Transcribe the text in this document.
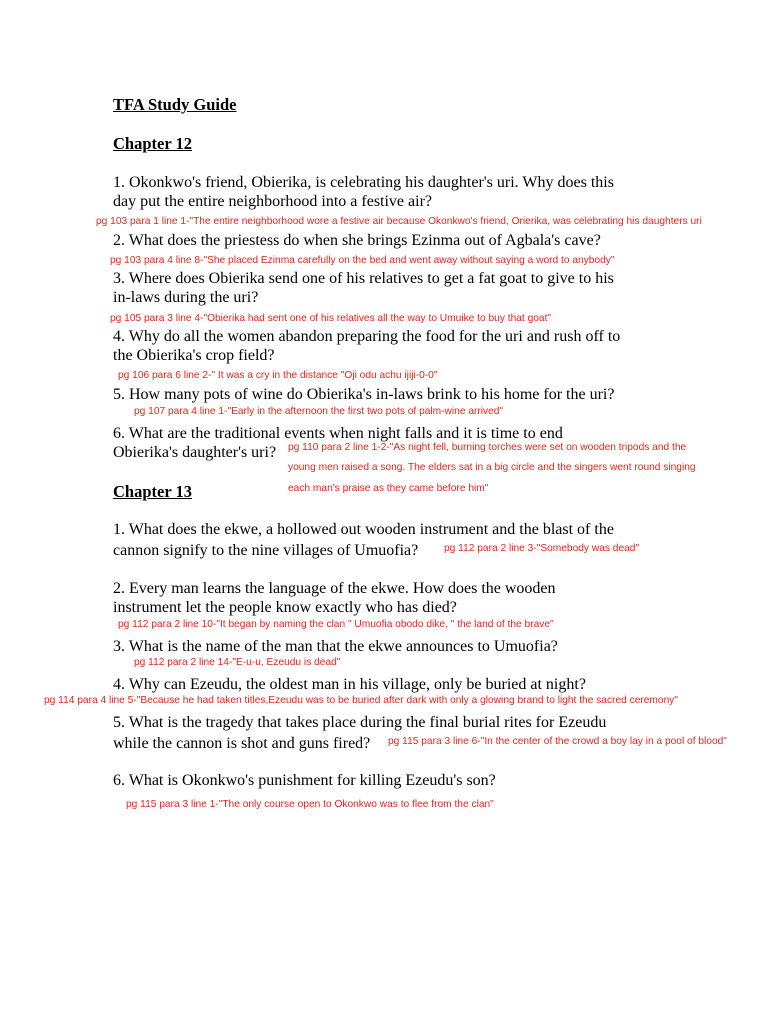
TFA Study Guide
Chapter 12
1. Okonkwo's friend, Obierika, is celebrating his daughter's uri. Why does this
day put the entire neighborhood into a festive air?
pg 103 para 1 line 1-"The entire neighborhood wore a festive air because Okonkwo's friend, Orierika, was celebrating his daughters uri
2. What does the priestess do when she brings Ezinma out of Agbala's cave?
pg 103 para 4 line 8-"She placed Ezinma carefully on the bed and went away without saying a word to anybody"
3. Where does Obierika send one of his relatives to get a fat goat to give to his
in-laws during the uri?
pg 105 para 3 line 4-"Obierika had sent one of his relatives all the way to Umuike to buy that goat"
4. Why do all the women abandon preparing the food for the uri and rush off to
the Obierika's crop field?
pg 106 para 6 line 2-" It was a cry in the distance "Oji odu achu ijiji-0-0"
5. How many pots of wine do Obierika's in-laws brink to his home for the uri?
pg 107 para 4 line 1-"Early in the afternoon the first two pots of palm-wine arrived"
6. What are the traditional events when night falls and it is time to end
Obierika's daughter's uri? pg 110 para 2 line 1-2-"As night fell, burning torches were set on wooden tripods and the
young men raised a song. The elders sat in a big circle and the singers went round singing
each man's praise as they came before him"
Chapter 13
1. What does the ekwe, a hollowed out wooden instrument and the blast of the
cannon signify to the nine villages of Umuofia?	pg 112 para 2 line 3-"Somebody was dead"
2. Every man learns the language of the ekwe. How does the wooden
instrument let the people know exactly who has died?
pg 112 para 2 line 10-"It began by naming the clan " Umuofia obodo dike, " the land of the brave"
3. What is the name of the man that the ekwe announces to Umuofia?
pg 112 para 2 line 14-"E-u-u, Ezeudu is dead"
4. Why can Ezeudu, the oldest man in his village, only be buried at night?
pg 114 para 4 line 5-"Because he had taken titles,Ezeudu was to be buried after dark with only a glowing brand to light the sacred ceremony"
5. What is the tragedy that takes place during the final burial rites for Ezeudu
while the cannon is shot and guns fired? pg 115 para 3 line 6-"In the center of the crowd a boy lay in a pool of blood"
6. What is Okonkwo's punishment for killing Ezeudu's son?
pg 115 para 3 line 1-"The only course open to Okonkwo was to flee from the clan"
